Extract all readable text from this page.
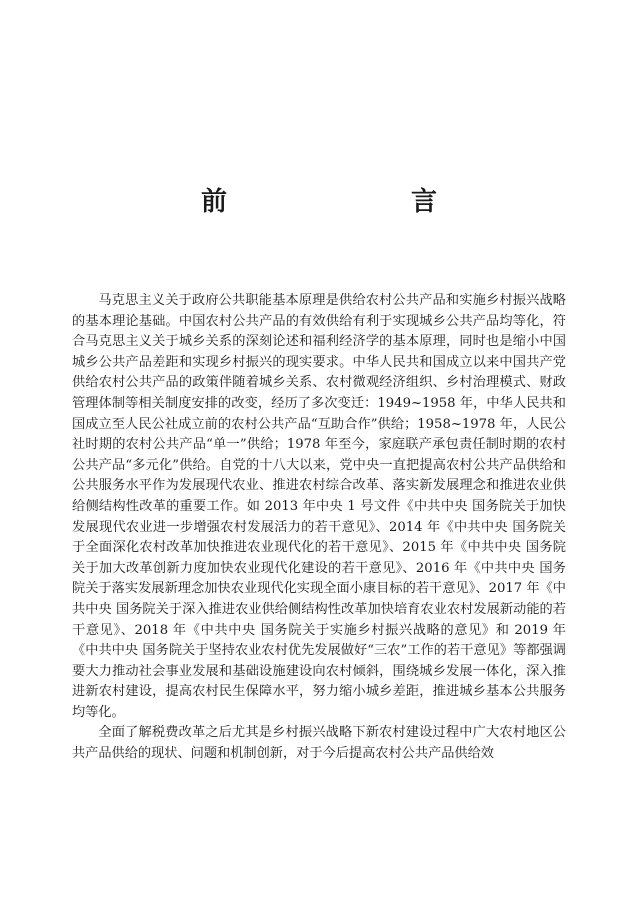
前　　言

马克思主义关于政府公共职能基本原理是供给农村公共产品和实施乡村振兴战略的基本理论基础。中国农村公共产品的有效供给有利于实现城乡公共产品均等化，符合马克思主义关于城乡关系的深刻论述和福利经济学的基本原理，同时也是缩小中国城乡公共产品差距和实现乡村振兴的现实要求。中华人民共和国成立以来中国共产党供给农村公共产品的政策伴随着城乡关系、农村微观经济组织、乡村治理模式、财政管理体制等相关制度安排的改变，经历了多次变迁：1949~1958 年，中华人民共和国成立至人民公社成立前的农村公共产品“互助合作”供给；1958~1978 年，人民公社时期的农村公共产品“单一”供给；1978 年至今，家庭联产承包责任制时期的农村公共产品“多元化”供给。自党的十八大以来，党中央一直把提高农村公共产品供给和公共服务水平作为发展现代农业、推进农村综合改革、落实新发展理念和推进农业供给侧结构性改革的重要工作。如 2013 年中央 1 号文件《中共中央 国务院关于加快发展现代农业进一步增强农村发展活力的若干意见》、2014 年《中共中央 国务院关于全面深化农村改革加快推进农业现代化的若干意见》、2015 年《中共中央 国务院关于加大改革创新力度加快农业现代化建设的若干意见》、2016 年《中共中央 国务院关于落实发展新理念加快农业现代化实现全面小康目标的若干意见》、2017 年《中共中央 国务院关于深入推进农业供给侧结构性改革加快培育农业农村发展新动能的若干意见》、2018 年《中共中央 国务院关于实施乡村振兴战略的意见》和 2019 年《中共中央 国务院关于坚持农业农村优先发展做好“三农”工作的若干意见》等都强调要大力推动社会事业发展和基础设施建设向农村倾斜，围绕城乡发展一体化，深入推进新农村建设，提高农村民生保障水平，努力缩小城乡差距，推进城乡基本公共服务均等化。

全面了解税费改革之后尤其是乡村振兴战略下新农村建设过程中广大农村地区公共产品供给的现状、问题和机制创新，对于今后提高农村公共产品供给效
